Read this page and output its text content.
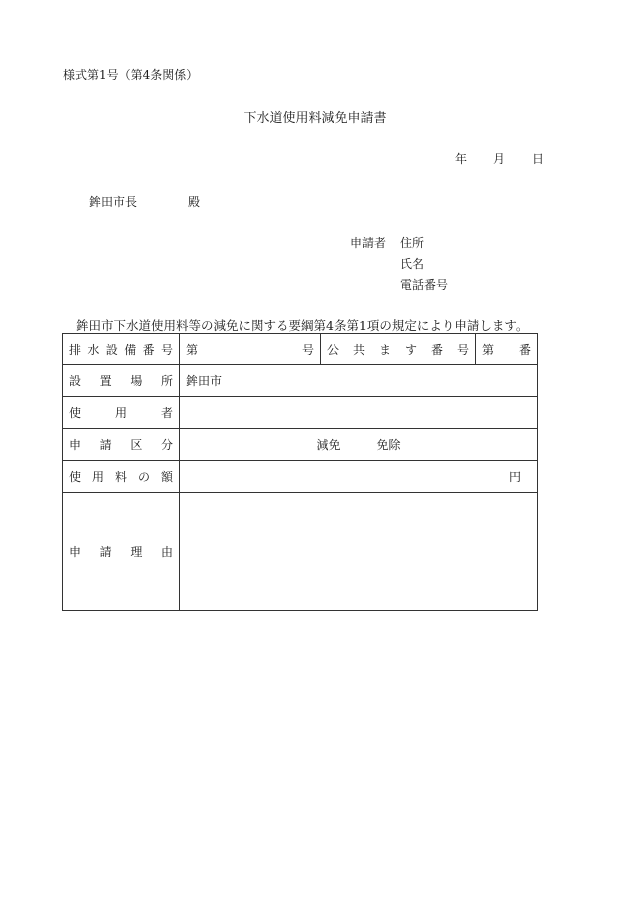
様式第1号（第4条関係）
下水道使用料減免申請書
年 月 日
鉾田市長	殿
申請者 住所
氏名
電話番号
鉾田市下水道使用料等の減免に関する要綱第4条第1項の規定により申請します。
排水設備番号	第 号	公共ます番号	第 番

設置場所	鉾田市		
使用者			
申請区分	減免 免除		
使用料の額	円		
申請理由			
